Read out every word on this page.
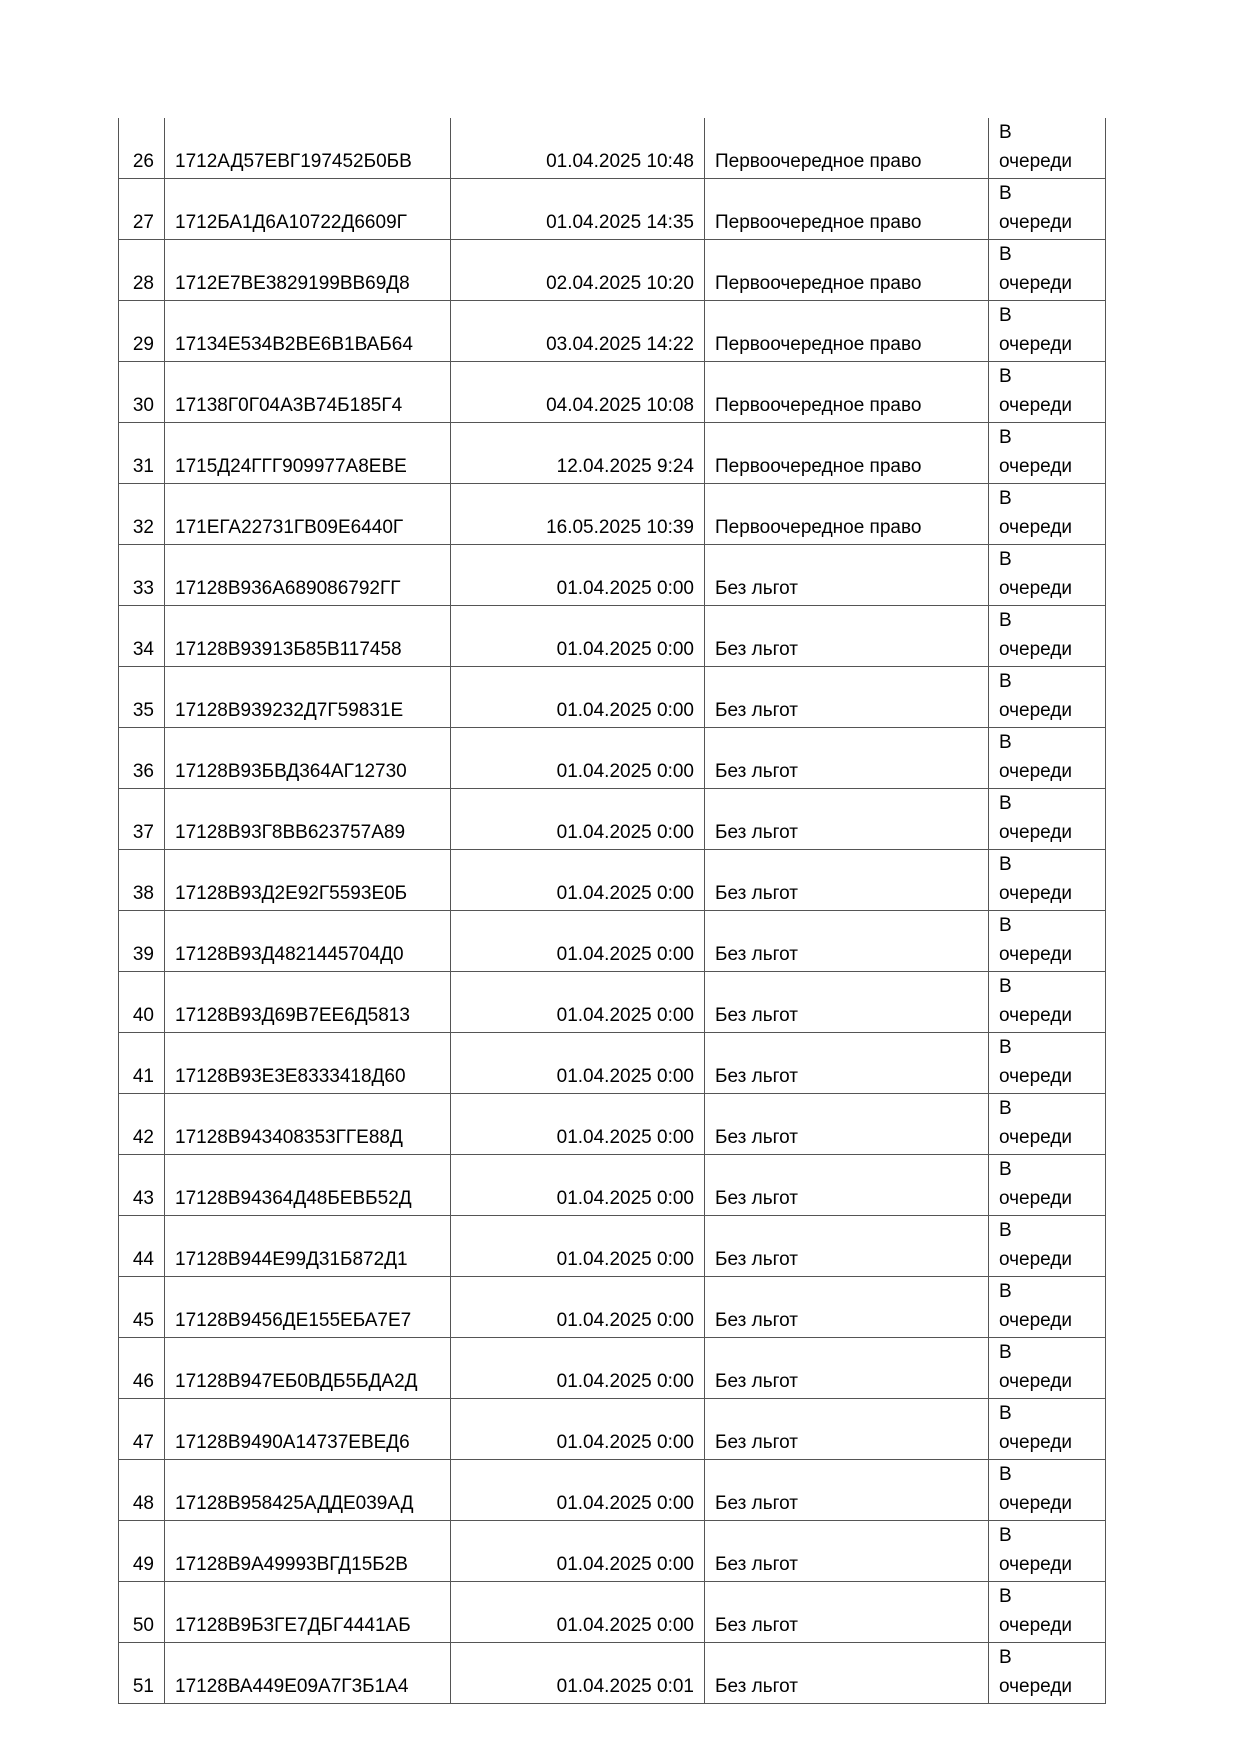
26	1712АД57ЕВГ197452Б0БВ	01.04.2025 10:48	Первоочередное право	В
очереди

27	1712БА1Д6А10722Д6609Г	01.04.2025 14:35	Первоочередное право	В
очереди

28	1712Е7ВЕ3829199ВВ69Д8	02.04.2025 10:20	Первоочередное право	В
очереди

29	17134Е534В2ВЕ6В1ВАБ64	03.04.2025 14:22	Первоочередное право	В
очереди

30	17138Г0Г04А3В74Б185Г4	04.04.2025 10:08	Первоочередное право	В
очереди

31	1715Д24ГГГ909977А8ЕВЕ	12.04.2025 9:24	Первоочередное право	В
очереди

32	171ЕГА22731ГВ09Е6440Г	16.05.2025 10:39	Первоочередное право	В
очереди

33	17128В936А689086792ГГ	01.04.2025 0:00	Без льгот	В
очереди

34	17128В93913Б85В117458	01.04.2025 0:00	Без льгот	В
очереди

35	17128В939232Д7Г59831Е	01.04.2025 0:00	Без льгот	В
очереди

36	17128В93БВД364АГ12730	01.04.2025 0:00	Без льгот	В
очереди

37	17128В93Г8ВВ623757А89	01.04.2025 0:00	Без льгот	В
очереди

38	17128В93Д2Е92Г5593Е0Б	01.04.2025 0:00	Без льгот	В
очереди

39	17128В93Д4821445704Д0	01.04.2025 0:00	Без льгот	В
очереди

40	17128В93Д69В7ЕЕ6Д5813	01.04.2025 0:00	Без льгот	В
очереди

41	17128В93Е3Е8333418Д60	01.04.2025 0:00	Без льгот	В
очереди

42	17128В943408353ГГЕ88Д	01.04.2025 0:00	Без льгот	В
очереди

43	17128В94364Д48БЕВБ52Д	01.04.2025 0:00	Без льгот	В
очереди

44	17128В944Е99Д31Б872Д1	01.04.2025 0:00	Без льгот	В
очереди

45	17128В9456ДЕ155ЕБА7Е7	01.04.2025 0:00	Без льгот	В
очереди

46	17128В947ЕБ0ВДБ5БДА2Д	01.04.2025 0:00	Без льгот	В
очереди

47	17128В9490А14737ЕВЕД6	01.04.2025 0:00	Без льгот	В
очереди

48	17128В958425АДДЕ039АД	01.04.2025 0:00	Без льгот	В
очереди

49	17128В9А49993ВГД15Б2В	01.04.2025 0:00	Без льгот	В
очереди

50	17128В9Б3ГЕ7ДБГ4441АБ	01.04.2025 0:00	Без льгот	В
очереди

51	17128ВА449Е09А7Г3Б1А4	01.04.2025 0:01	Без льгот	В
очереди
